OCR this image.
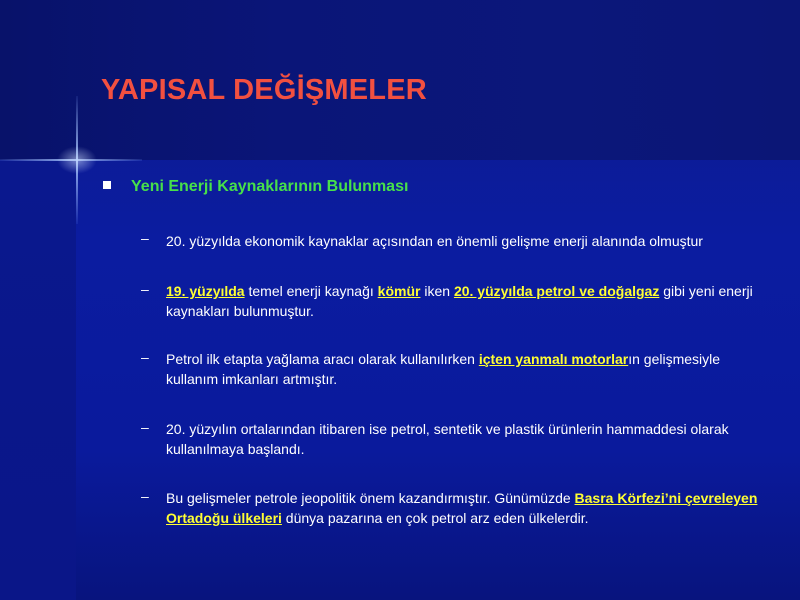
YAPISAL DEĞİŞMELER
Yeni Enerji Kaynaklarının Bulunması
– 20. yüzyılda ekonomik kaynaklar açısından en önemli gelişme enerji alanında olmuştur
– 19. yüzyılda temel enerji kaynağı kömür iken 20. yüzyılda petrol ve doğalgaz gibi yeni enerji kaynakları bulunmuştur.
– Petrol ilk etapta yağlama aracı olarak kullanılırken içten yanmalı motorların gelişmesiyle kullanım imkanları artmıştır.
– 20. yüzyılın ortalarından itibaren ise petrol, sentetik ve plastik ürünlerin hammaddesi olarak kullanılmaya başlandı.
– Bu gelişmeler petrole jeopolitik önem kazandırmıştır. Günümüzde Basra Körfezi’ni çevreleyen Ortadoğu ülkeleri dünya pazarına en çok petrol arz eden ülkelerdir.
